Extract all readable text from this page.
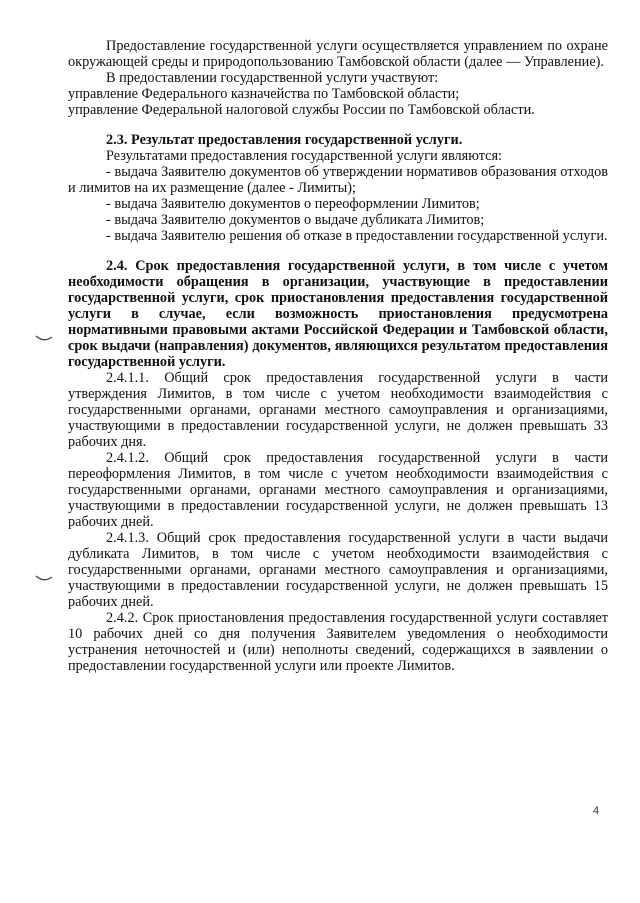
Предоставление государственной услуги осуществляется управлением по охране окружающей среды и природопользованию Тамбовской области (далее — Управление).

В предоставлении государственной услуги участвуют:

управление Федерального казначейства по Тамбовской области;

управление Федеральной налоговой службы России по Тамбовской области.

2.3. Результат предоставления государственной услуги.

Результатами предоставления государственной услуги являются:

- выдача Заявителю документов об утверждении нормативов образования отходов и лимитов на их размещение (далее - Лимиты);

- выдача Заявителю документов о переоформлении Лимитов;

- выдача Заявителю документов о выдаче дубликата Лимитов;

- выдача Заявителю решения об отказе в предоставлении государственной услуги.

2.4. Срок предоставления государственной услуги, в том числе с учетом необходимости обращения в организации, участвующие в предоставлении государственной услуги, срок приостановления предоставления государственной услуги в случае, если возможность приостановления предусмотрена нормативными правовыми актами Российской Федерации и Тамбовской области, срок выдачи (направления) документов, являющихся результатом предоставления государственной услуги.

2.4.1.1. Общий срок предоставления государственной услуги в части утверждения Лимитов, в том числе с учетом необходимости взаимодействия с государственными органами, органами местного самоуправления и организациями, участвующими в предоставлении государственной услуги, не должен превышать 33 рабочих дня.

2.4.1.2. Общий срок предоставления государственной услуги в части переоформления Лимитов, в том числе с учетом необходимости взаимодействия с государственными органами, органами местного самоуправления и организациями, участвующими в предоставлении государственной услуги, не должен превышать 13 рабочих дней.

2.4.1.3. Общий срок предоставления государственной услуги в части выдачи дубликата Лимитов, в том числе с учетом необходимости взаимодействия с государственными органами, органами местного самоуправления и организациями, участвующими в предоставлении государственной услуги, не должен превышать 15 рабочих дней.

2.4.2. Срок приостановления предоставления государственной услуги составляет 10 рабочих дней со дня получения Заявителем уведомления о необходимости устранения неточностей и (или) неполноты сведений, содержащихся в заявлении о предоставлении государственной услуги или проекте Лимитов.

4
